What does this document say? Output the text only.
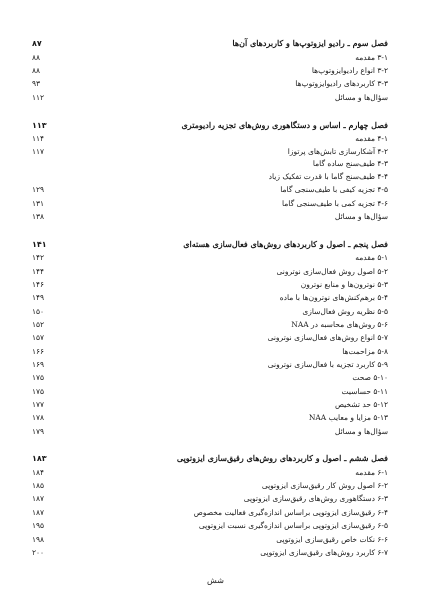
۸۷	فصل سوم ـ رادیو ایزوتوپ‌ها و کاربردهای آن‌ها
۸۸	۳-۱ مقدمه
۸۸	۳-۲ انواع رادیوایزوتوپ‌ها
۹۳	۳-۳ کاربردهای رادیوایزوتوپ‌ها
۱۱۲	سؤال‌ها و مسائل
۱۱۳	فصل چهارم ـ اساس و دستگاهوری روش‌های تجزیه رادیومتری
۱۱۴	۴-۱ مقدمه
۱۱۷	۴-۲ آشکارسازی تابش‌های پرتوزا
۴-۳ طیف‌سنج ساده گاما
۴-۴ طیف‌سنج گاما با قدرت تفکیک زیاد
۱۲۹	۴-۵ تجزیه کیفی با طیف‌سنجی گاما
۱۳۱	۴-۶ تجزیه کمی با طیف‌سنجی گاما
۱۳۸	سؤال‌ها و مسائل
۱۴۱	فصل پنجم ـ اصول و کاربردهای روش‌های فعال‌سازی هسته‌ای
۱۴۲	۵-۱ مقدمه
۱۴۴	۵-۲ اصول روش فعال‌سازی نوترونی
۱۴۶	۵-۳ نوترون‌ها و منابع نوترون
۱۴۹	۵-۴ برهم‌کنش‌های نوترون‌ها با ماده
۱۵۰	۵-۵ نظریه روش فعال‌سازی
۱۵۲	۵-۶ روش‌های محاسبه در NAA
۱۵۷	۵-۷ انواع روش‌های فعال‌سازی نوترونی
۱۶۶	۵-۸ مزاحمت‌ها
۱۶۹	۵-۹ کاربرد تجزیه با فعال‌سازی نوترونی
۱۷۵	۵-۱۰ صحت
۱۷۵	۵-۱۱ حساسیت
۱۷۷	۵-۱۲ حد تشخیص
۱۷۸	۵-۱۳ مزایا و معایب NAA
۱۷۹	سؤال‌ها و مسائل
۱۸۳	فصل ششم ـ اصول و کاربردهای روش‌های رقیق‌سازی ایزوتوپی
۱۸۴	۶-۱ مقدمه
۱۸۵	۶-۲ اصول روش کار رقیق‌سازی ایزوتوپی
۱۸۷	۶-۳ دستگاهوری روش‌های رقیق‌سازی ایزوتوپی
۱۸۷	۶-۴ رقیق‌سازی ایزوتوپی براساس اندازه‌گیری فعالیت مخصوص
۱۹۵	۶-۵ رقیق‌سازی ایزوتوپی براساس اندازه‌گیری نسبت ایزوتوپی
۱۹۸	۶-۶ نکات خاص رقیق‌سازی ایزوتوپی
۲۰۰	۶-۷ کاربرد روش‌های رقیق‌سازی ایزوتوپی
شش
